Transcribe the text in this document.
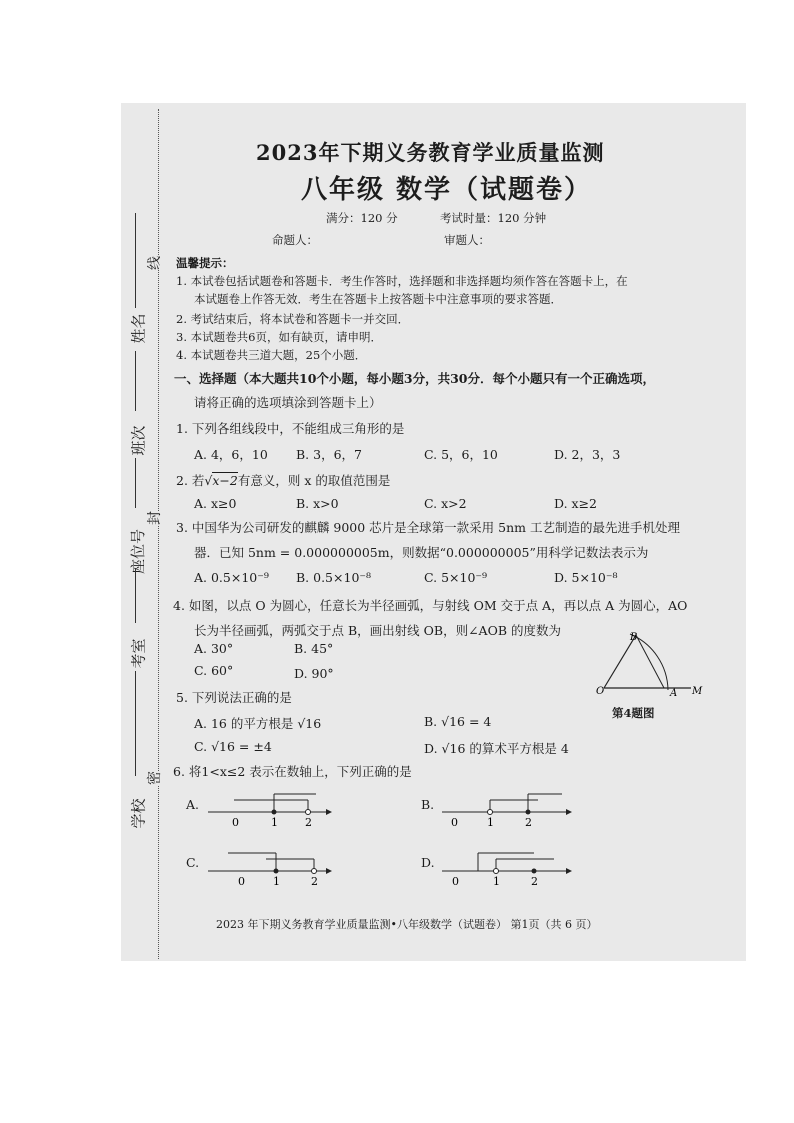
姓名
班次
座位号
考室
学校
线
封
密
2023年下期义务教育学业质量监测
八年级 数学（试题卷）
满分：120 分	考试时量：120 分钟
命题人：	审题人：
温馨提示：
1. 本试卷包括试题卷和答题卡．考生作答时，选择题和非选择题均须作答在答题卡上，在
本试题卷上作答无效．考生在答题卡上按答题卡中注意事项的要求答题．
2. 考试结束后，将本试卷和答题卡一并交回．
3. 本试题卷共6页，如有缺页，请申明．
4. 本试题卷共三道大题，25个小题．
一、选择题（本大题共10个小题，每小题3分，共30分．每个小题只有一个正确选项，
请将正确的选项填涂到答题卡上）
1. 下列各组线段中，不能组成三角形的是
A. 4，6，10 B. 3，6，7	C. 5，6，10	D. 2，3，3
2. 若√x−2有意义，则 x 的取值范围是
A. x≥0	B. x>0	C. x>2	D. x≥2
3. 中国华为公司研发的麒麟 9000 芯片是全球第一款采用 5nm 工艺制造的最先进手机处理
器．已知 5nm = 0.000000005m，则数据“0.000000005”用科学记数法表示为
A. 0.5×10⁻⁹ B. 0.5×10⁻⁸	C. 5×10⁻⁹	D. 5×10⁻⁸
4. 如图，以点 O 为圆心，任意长为半径画弧，与射线 OM 交于点 A，再以点 A 为圆心，AO
长为半径画弧，两弧交于点 B，画出射线 OB，则∠AOB 的度数为
A. 30°	B. 45°
C. 60°	D. 90°
B
O	A M
第4题图
5. 下列说法正确的是
A. 16 的平方根是 √16	B. √16 = 4
C. √16 = ±4	D. √16 的算术平方根是 4
6. 将1<x≤2 表示在数轴上，下列正确的是
A.
0	1 2
B.
0	1	2
C.
0	1	2
D.
0	1	2
2023 年下期义务教育学业质量监测•八年级数学（试题卷） 第1页（共 6 页）
